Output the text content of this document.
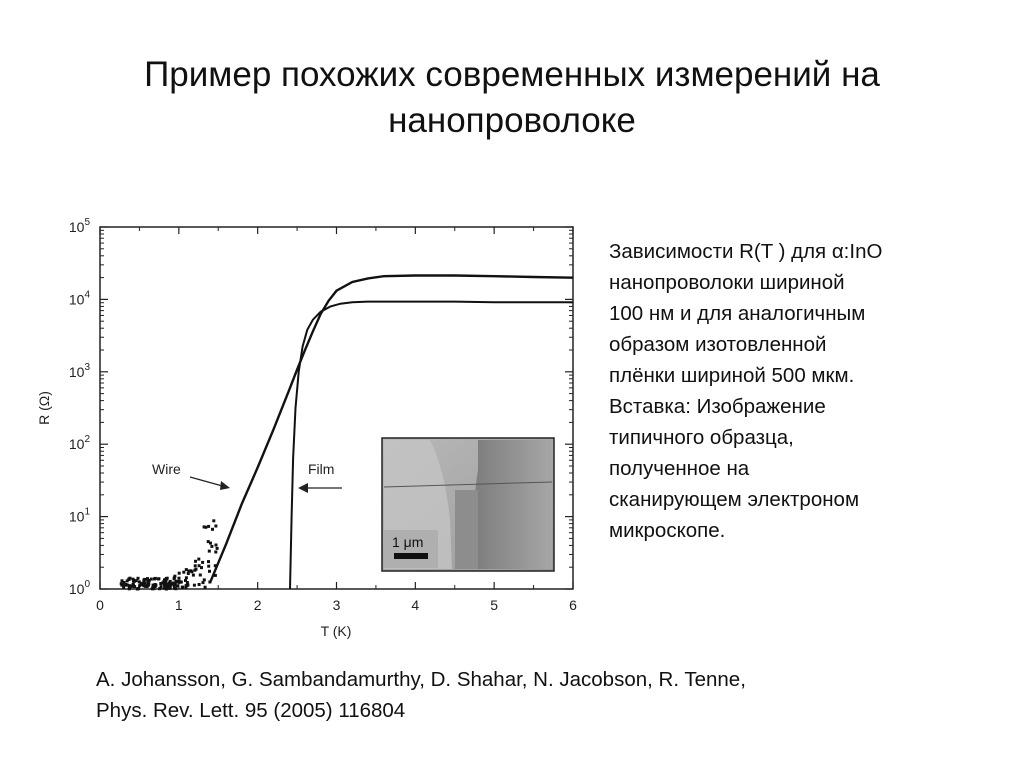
Пример похожих современных измерений на
нанопроволоке
0	1	2	3	4	5	6
$10^0$
$10^1$
$10^2$
$10^3$
$10^4$
$10^5$
T (K)
R (Ω)
Wire	Film
1 μm
Зависимости R(T ) для α:InO
нанопроволоки шириной
100 нм и для аналогичным
образом изотовленной
плёнки шириной 500 мкм.
Вставка: Изображение
типичного образца,
полученное на
сканирующем электроном
микроскопе.
A. Johansson, G. Sambandamurthy, D. Shahar, N. Jacobson, R. Tenne,
Phys. Rev. Lett. 95 (2005) 116804
